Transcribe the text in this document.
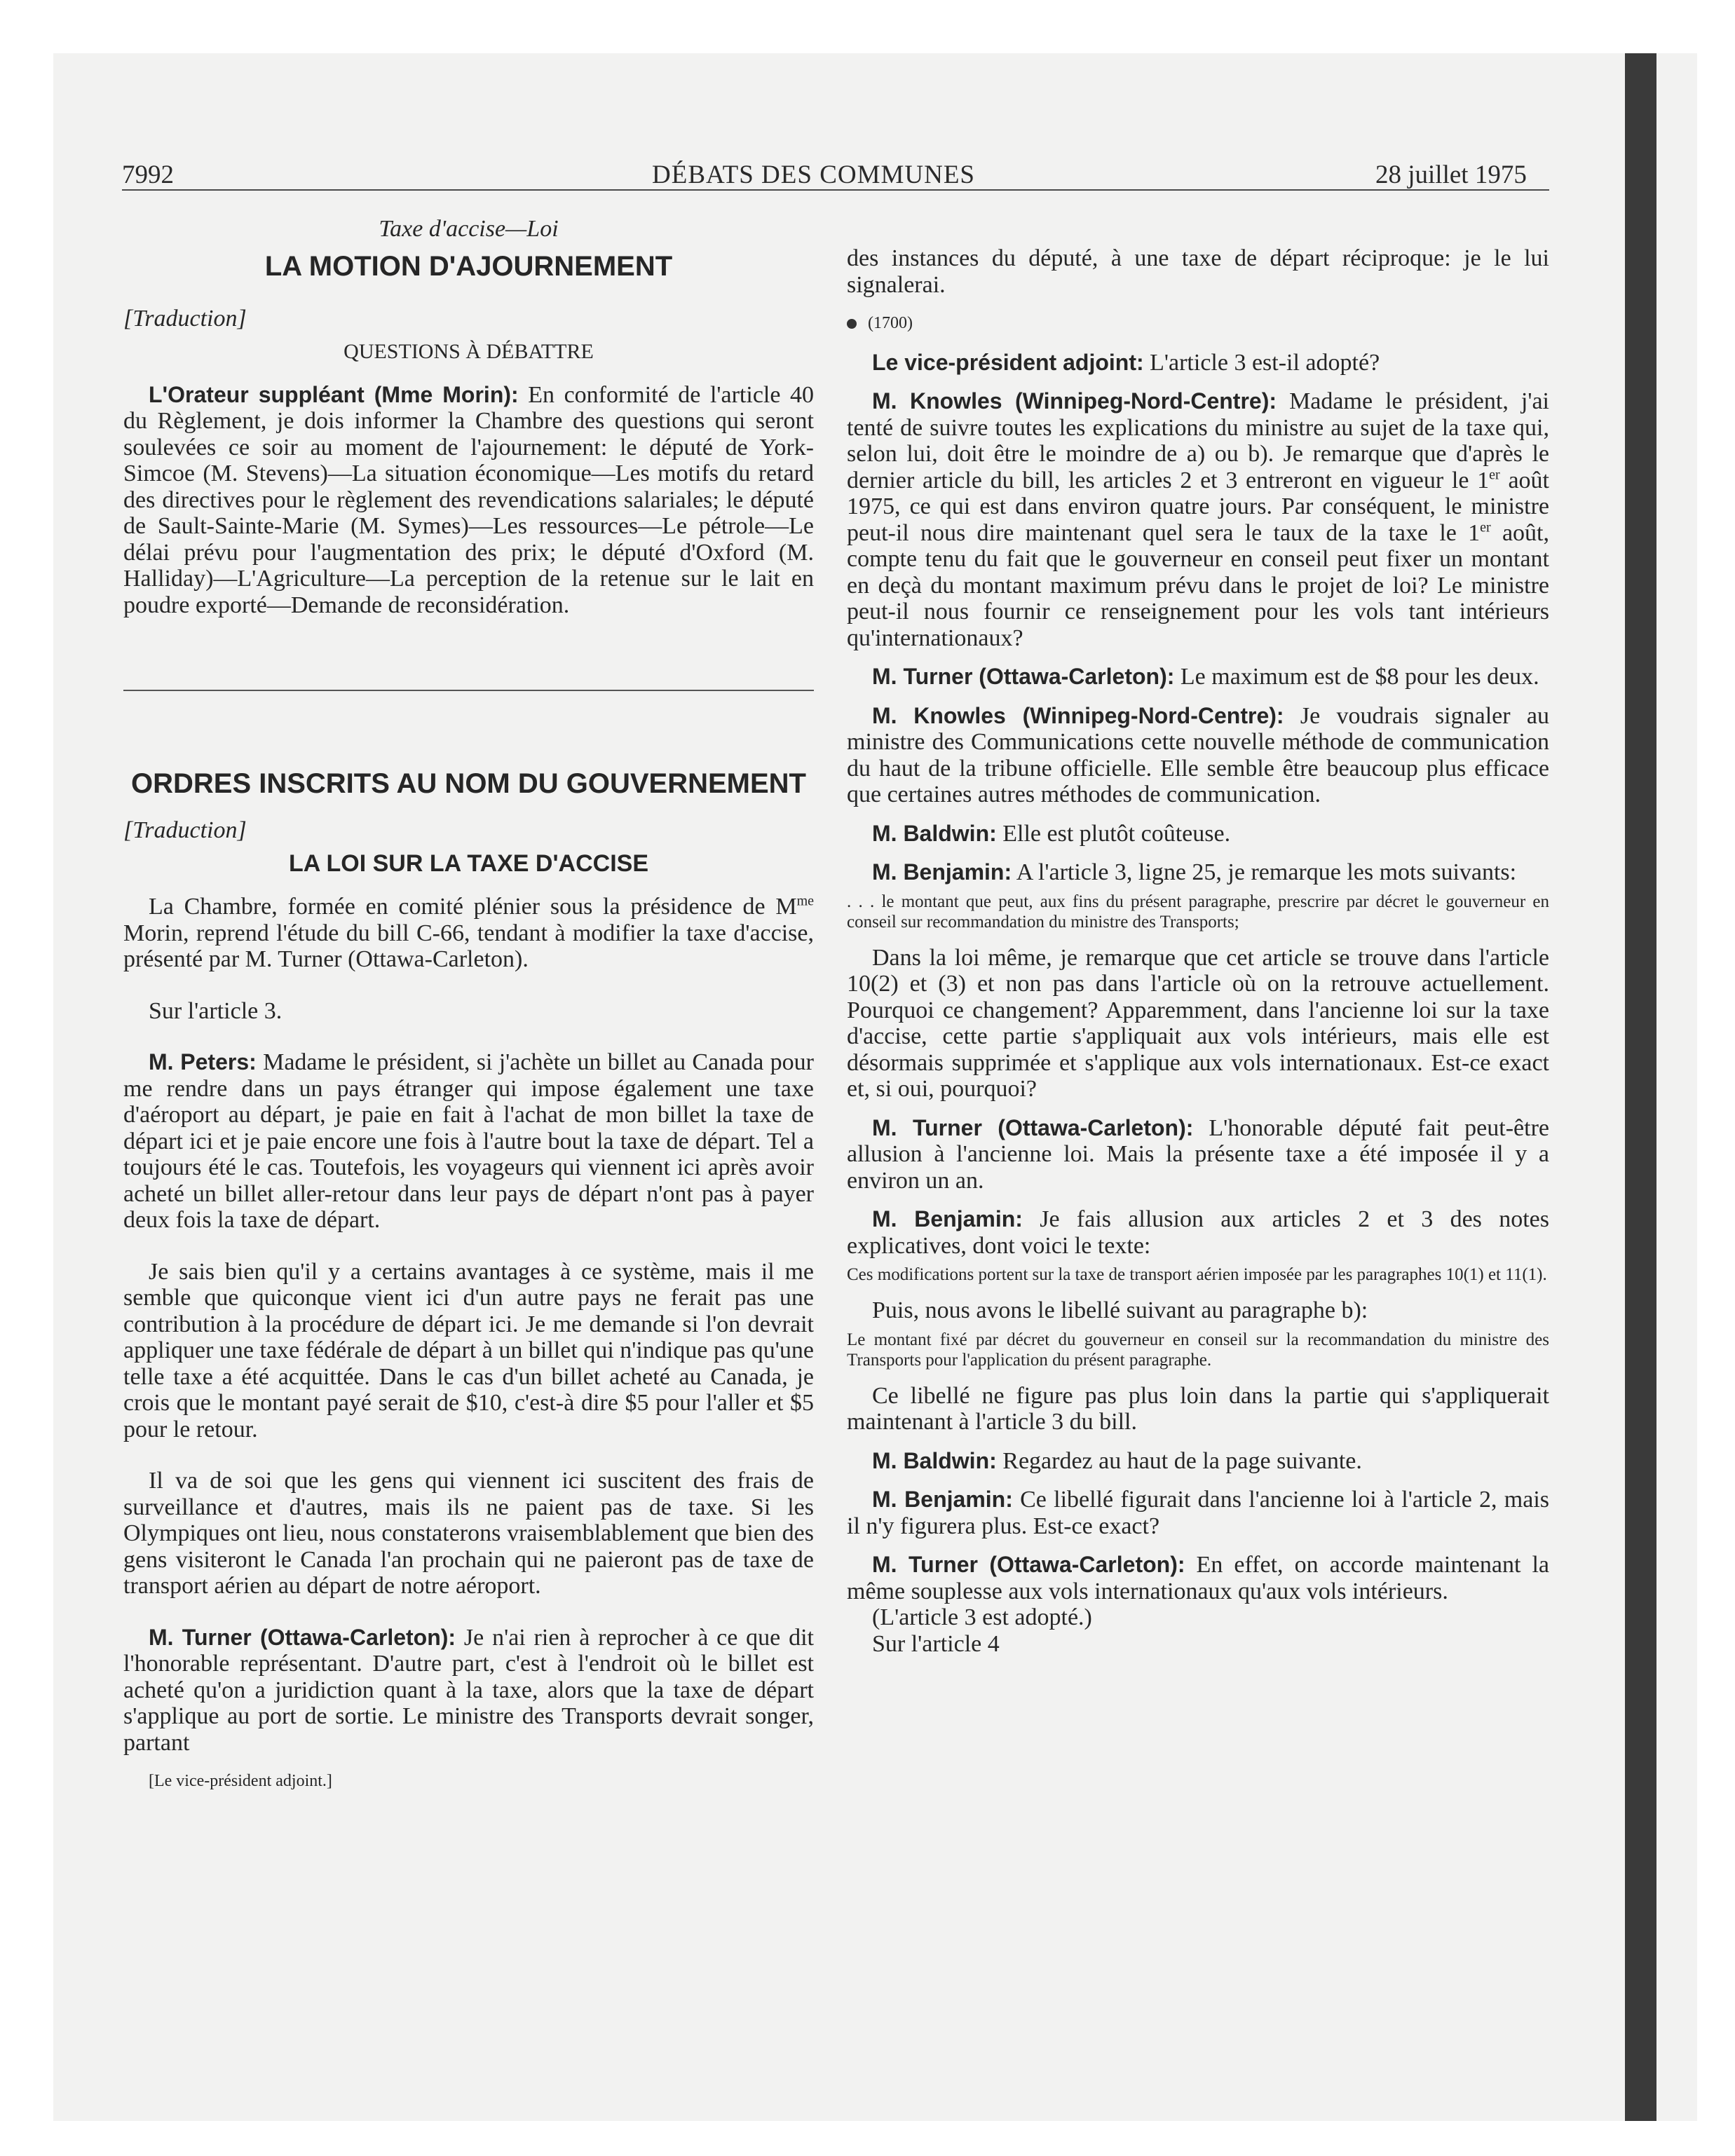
7992	DÉBATS DES COMMUNES	28 juillet 1975

Taxe d'accise—Loi

LA MOTION D'AJOURNEMENT

[Traduction]

QUESTIONS À DÉBATTRE

L'Orateur suppléant (Mme Morin): En conformité de l'article 40 du Règlement, je dois informer la Chambre des questions qui seront soulevées ce soir au moment de l'ajournement: le député de York-Simcoe (M. Stevens)—La situation économique—Les motifs du retard des directives pour le règlement des revendications salariales; le député de Sault-Sainte-Marie (M. Symes)—Les ressources—Le pétrole—Le délai prévu pour l'augmentation des prix; le député d'Oxford (M. Halliday)—L'Agriculture—La perception de la retenue sur le lait en poudre exporté—Demande de reconsidération.

ORDRES INSCRITS AU NOM DU GOUVERNEMENT

[Traduction]

LA LOI SUR LA TAXE D'ACCISE

La Chambre, formée en comité plénier sous la présidence de $M^{me}$ Morin, reprend l'étude du bill C-66, tendant à modifier la taxe d'accise, présenté par M. Turner (Ottawa-Carleton).

Sur l'article 3.

M. Peters: Madame le président, si j'achète un billet au Canada pour me rendre dans un pays étranger qui impose également une taxe d'aéroport au départ, je paie en fait à l'achat de mon billet la taxe de départ ici et je paie encore une fois à l'autre bout la taxe de départ. Tel a toujours été le cas. Toutefois, les voyageurs qui viennent ici après avoir acheté un billet aller-retour dans leur pays de départ n'ont pas à payer deux fois la taxe de départ.

Je sais bien qu'il y a certains avantages à ce système, mais il me semble que quiconque vient ici d'un autre pays ne ferait pas une contribution à la procédure de départ ici. Je me demande si l'on devrait appliquer une taxe fédérale de départ à un billet qui n'indique pas qu'une telle taxe a été acquittée. Dans le cas d'un billet acheté au Canada, je crois que le montant payé serait de $10, c'est-à dire $5 pour l'aller et $5 pour le retour.

Il va de soi que les gens qui viennent ici suscitent des frais de surveillance et d'autres, mais ils ne paient pas de taxe. Si les Olympiques ont lieu, nous constaterons vraisemblablement que bien des gens visiteront le Canada l'an prochain qui ne paieront pas de taxe de transport aérien au départ de notre aéroport.

M. Turner (Ottawa-Carleton): Je n'ai rien à reprocher à ce que dit l'honorable représentant. D'autre part, c'est à l'endroit où le billet est acheté qu'on a juridiction quant à la taxe, alors que la taxe de départ s'applique au port de sortie. Le ministre des Transports devrait songer, partant

[Le vice-président adjoint.]

des instances du député, à une taxe de départ réciproque: je le lui signalerai.

(1700)

Le vice-président adjoint: L'article 3 est-il adopté?

M. Knowles (Winnipeg-Nord-Centre): Madame le président, j'ai tenté de suivre toutes les explications du ministre au sujet de la taxe qui, selon lui, doit être le moindre de a) ou b). Je remarque que d'après le dernier article du bill, les articles 2 et 3 entreront en vigueur le 1er août 1975, ce qui est dans environ quatre jours. Par conséquent, le ministre peut-il nous dire maintenant quel sera le taux de la taxe le 1er août, compte tenu du fait que le gouverneur en conseil peut fixer un montant en deçà du montant maximum prévu dans le projet de loi? Le ministre peut-il nous fournir ce renseignement pour les vols tant intérieurs qu'internationaux?

M. Turner (Ottawa-Carleton): Le maximum est de $8 pour les deux.

M. Knowles (Winnipeg-Nord-Centre): Je voudrais signaler au ministre des Communications cette nouvelle méthode de communication du haut de la tribune officielle. Elle semble être beaucoup plus efficace que certaines autres méthodes de communication.

M. Baldwin: Elle est plutôt coûteuse.

M. Benjamin: A l'article 3, ligne 25, je remarque les mots suivants:

. . . le montant que peut, aux fins du présent paragraphe, prescrire par décret le gouverneur en conseil sur recommandation du ministre des Transports;

Dans la loi même, je remarque que cet article se trouve dans l'article 10(2) et (3) et non pas dans l'article où on la retrouve actuellement. Pourquoi ce changement? Apparemment, dans l'ancienne loi sur la taxe d'accise, cette partie s'appliquait aux vols intérieurs, mais elle est désormais supprimée et s'applique aux vols internationaux. Est-ce exact et, si oui, pourquoi?

M. Turner (Ottawa-Carleton): L'honorable député fait peut-être allusion à l'ancienne loi. Mais la présente taxe a été imposée il y a environ un an.

M. Benjamin: Je fais allusion aux articles 2 et 3 des notes explicatives, dont voici le texte:

Ces modifications portent sur la taxe de transport aérien imposée par les paragraphes 10(1) et 11(1).

Puis, nous avons le libellé suivant au paragraphe b):

Le montant fixé par décret du gouverneur en conseil sur la recommandation du ministre des Transports pour l'application du présent paragraphe.

Ce libellé ne figure pas plus loin dans la partie qui s'appliquerait maintenant à l'article 3 du bill.

M. Baldwin: Regardez au haut de la page suivante.

M. Benjamin: Ce libellé figurait dans l'ancienne loi à l'article 2, mais il n'y figurera plus. Est-ce exact?

M. Turner (Ottawa-Carleton): En effet, on accorde maintenant la même souplesse aux vols internationaux qu'aux vols intérieurs.

(L'article 3 est adopté.)

Sur l'article 4
